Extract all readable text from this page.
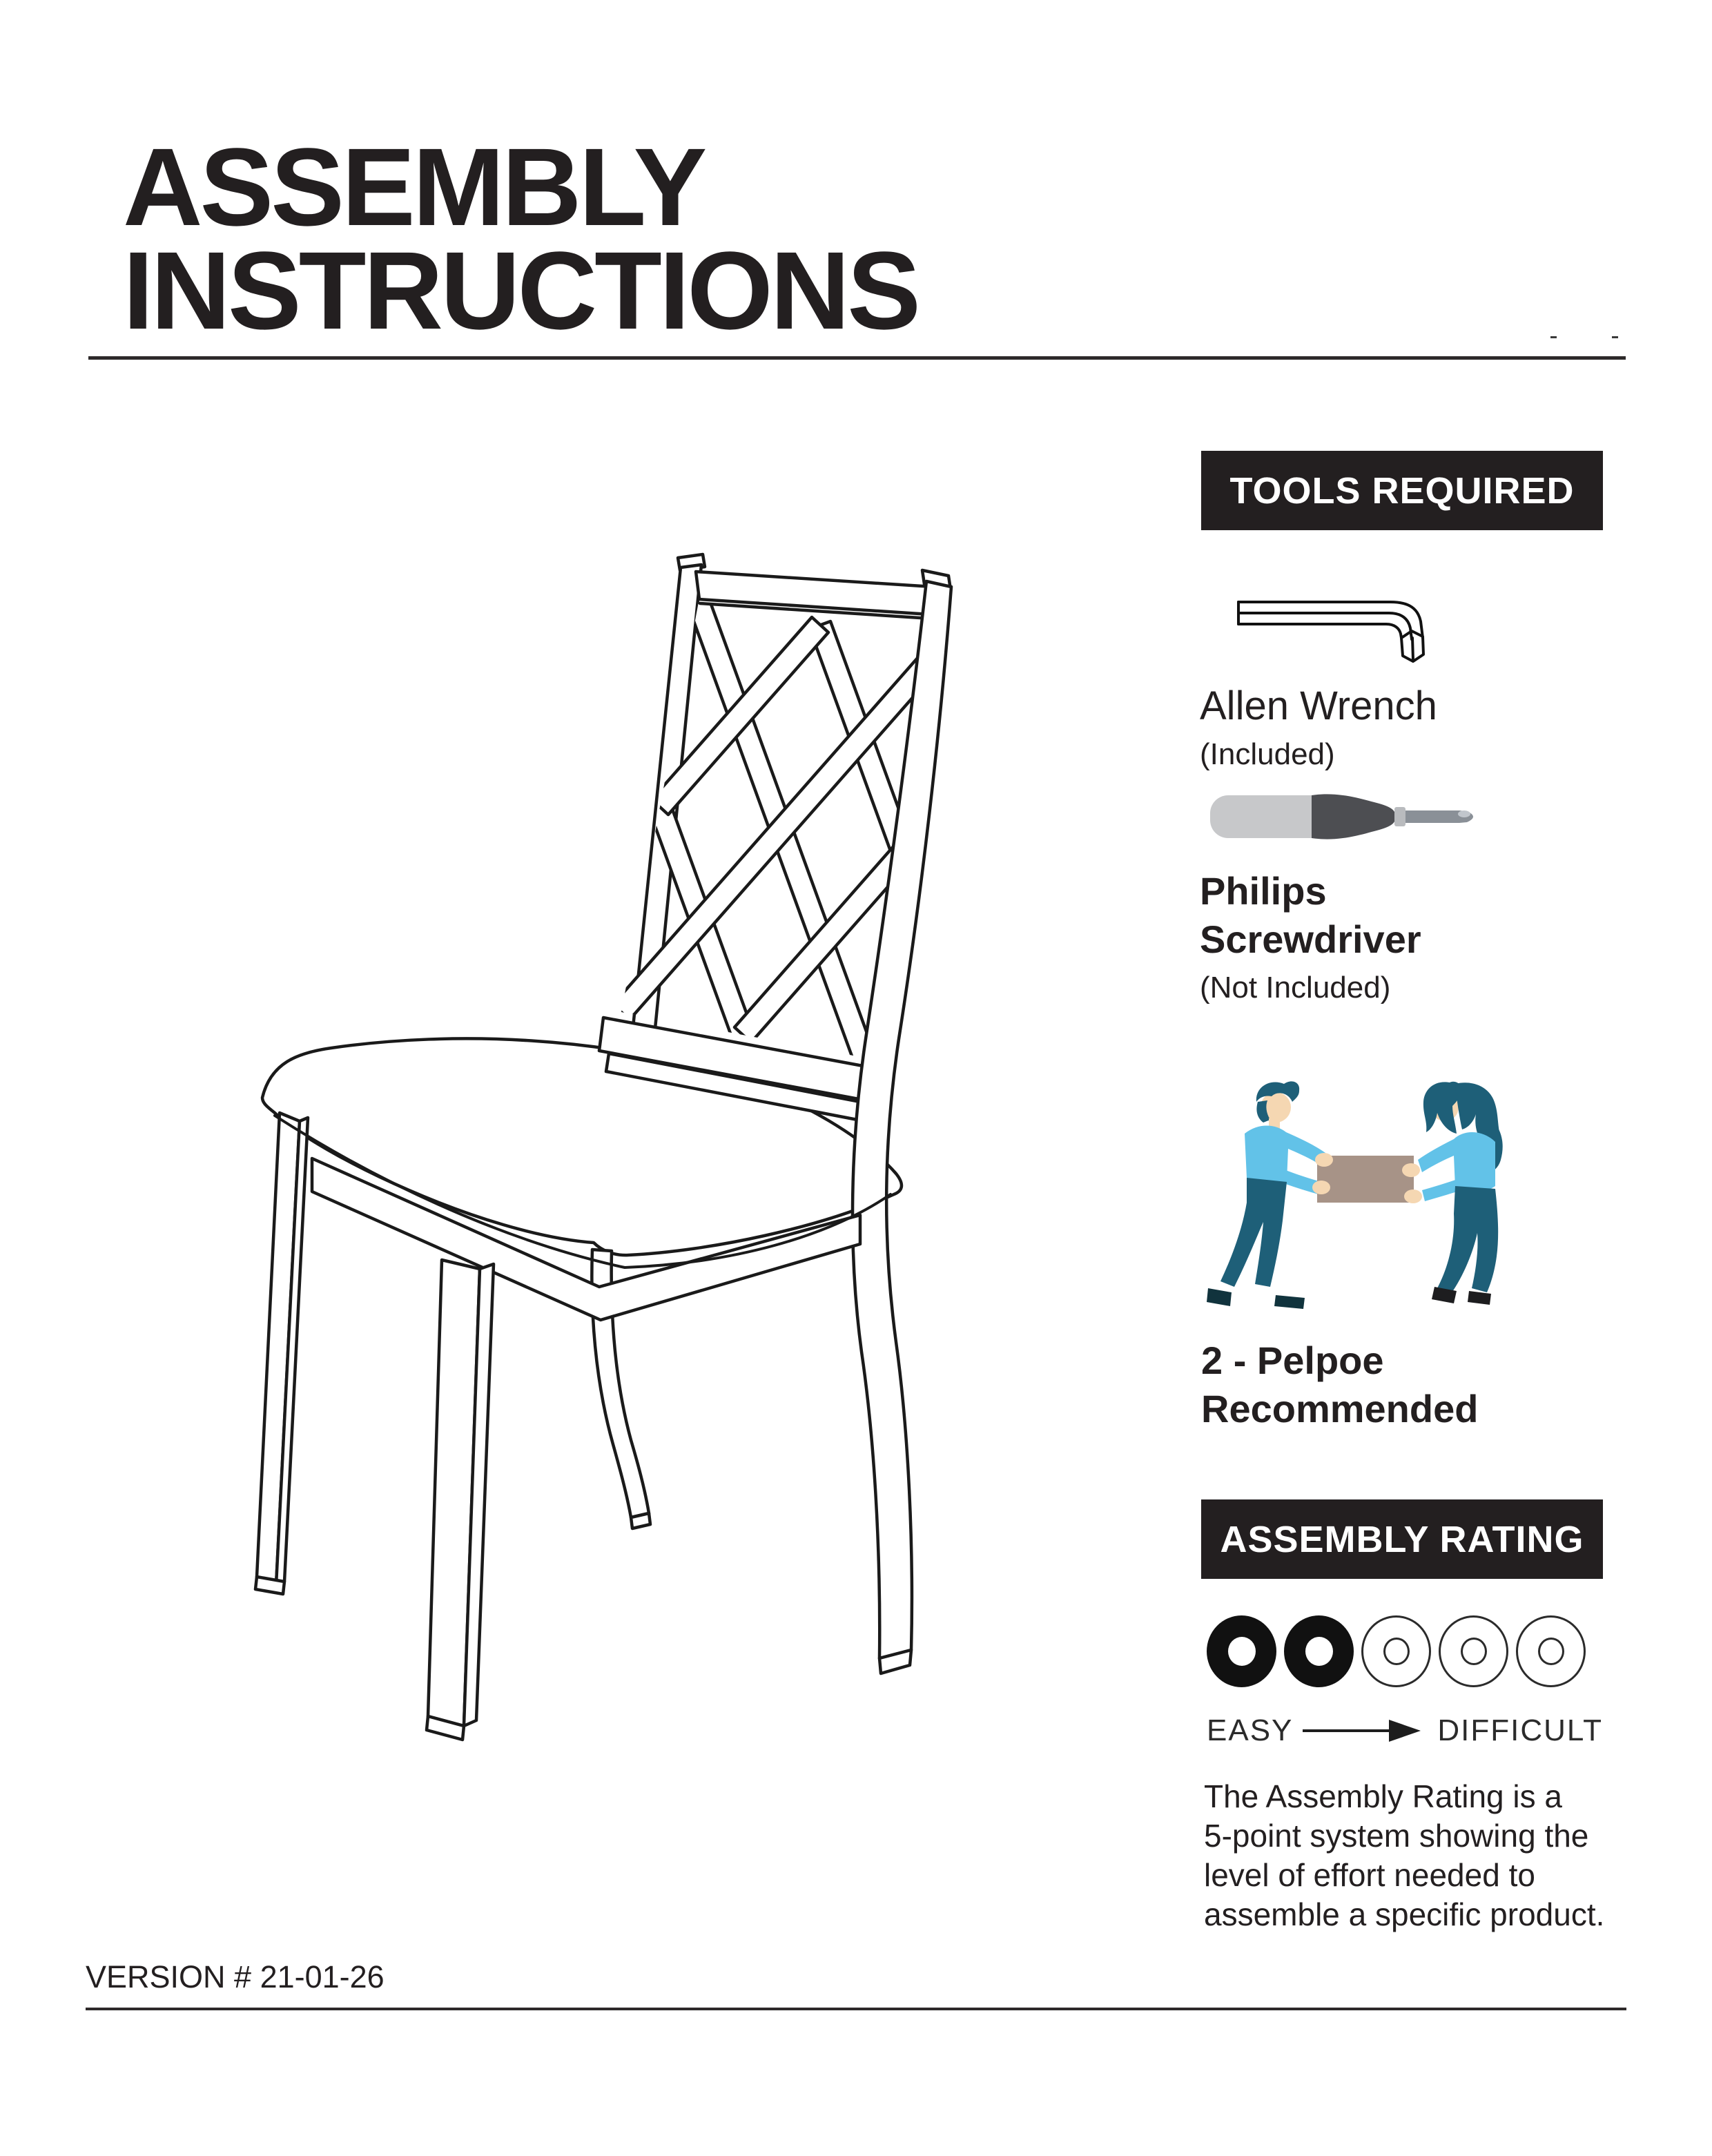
ASSEMBLY
INSTRUCTIONS
TOOLS REQUIRED
Allen Wrench
(Included)
Philips
Screwdriver
(Not Included)
2 - Pelpoe
Recommended
ASSEMBLY RATING
EASY	DIFFICULT
The Assembly Rating is a
5-point system showing the
level of effort needed to
assemble a specific product.
VERSION # 21-01-26
